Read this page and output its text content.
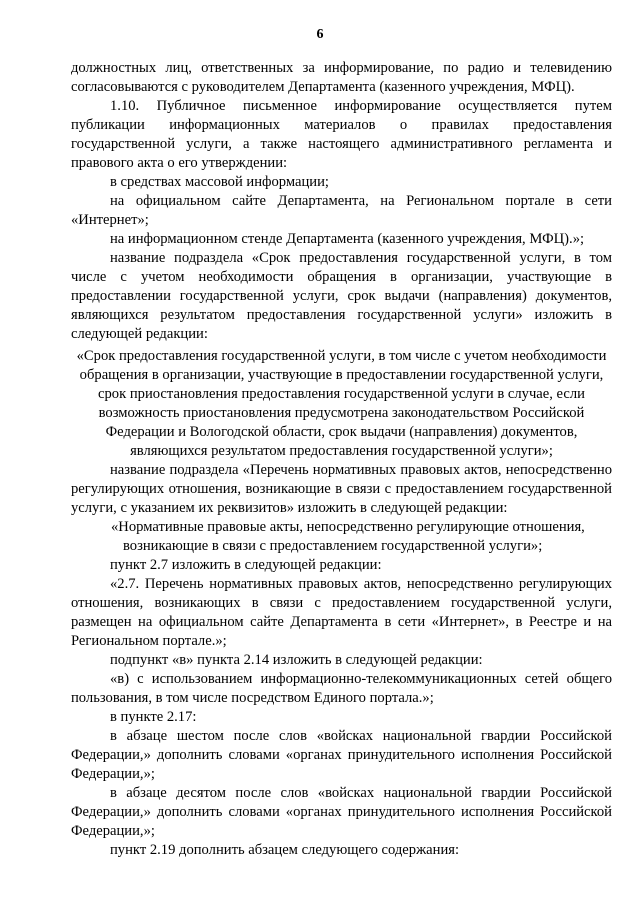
6

должностных лиц, ответственных за информирование, по радио и телевидению согласовываются с руководителем Департамента (казенного учреждения, МФЦ).

1.10. Публичное письменное информирование осуществляется путем публикации информационных материалов о правилах предоставления государственной услуги, а также настоящего административного регламента и правового акта о его утверждении:

в средствах массовой информации;

на официальном сайте Департамента, на Региональном портале в сети «Интернет»;

на информационном стенде Департамента (казенного учреждения, МФЦ).»;

название подраздела «Срок предоставления государственной услуги, в том числе с учетом необходимости обращения в организации, участвующие в предоставлении государственной услуги, срок выдачи (направления) документов, являющихся результатом предоставления государственной услуги» изложить в следующей редакции:

«Срок предоставления государственной услуги, в том числе с учетом необходимости обращения в организации, участвующие в предоставлении государственной услуги, срок приостановления предоставления государственной услуги в случае, если возможность приостановления предусмотрена законодательством Российской Федерации и Вологодской области, срок выдачи (направления) документов, являющихся результатом предоставления государственной услуги»;

название подраздела «Перечень нормативных правовых актов, непосредственно регулирующих отношения, возникающие в связи с предоставлением государственной услуги, с указанием их реквизитов» изложить в следующей редакции:

«Нормативные правовые акты, непосредственно регулирующие отношения,
возникающие в связи с предоставлением государственной услуги»;

пункт 2.7 изложить в следующей редакции:

«2.7. Перечень нормативных правовых актов, непосредственно регулирующих отношения, возникающих в связи с предоставлением государственной услуги, размещен на официальном сайте Департамента в сети «Интернет», в Реестре и на Региональном портале.»;

подпункт «в» пункта 2.14 изложить в следующей редакции:

«в) с использованием информационно-телекоммуникационных сетей общего пользования, в том числе посредством Единого портала.»;

в пункте 2.17:

в абзаце шестом после слов «войсках национальной гвардии Российской Федерации,» дополнить словами «органах принудительного исполнения Российской Федерации,»;

в абзаце десятом после слов «войсках национальной гвардии Российской Федерации,» дополнить словами «органах принудительного исполнения Российской Федерации,»;

пункт 2.19 дополнить абзацем следующего содержания:
